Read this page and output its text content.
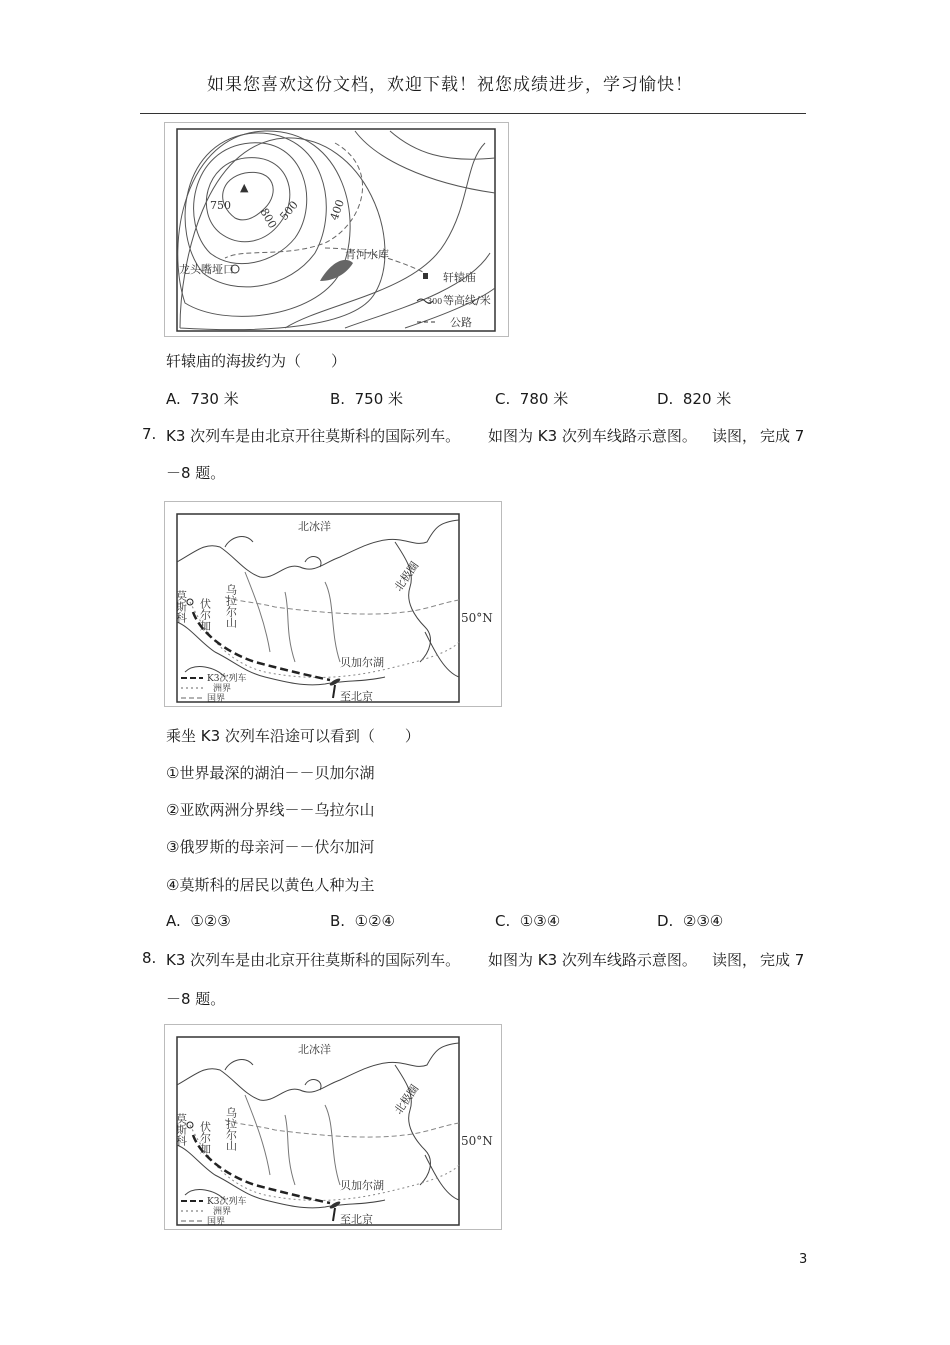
如果您喜欢这份文档，欢迎下载！祝您成绩进步，学习愉快！
▲
750
800
500 400
龙头嘴垭口
青河水库
轩辕庙
300 等高线/米
公路
轩辕庙的海拔约为（　　）
A. 730 米	B. 750 米	C. 780 米	D. 820 米
7. K3 次列车是由北京开往莫斯科的国际列车。 如图为 K3 次列车线路示意图。 读图， 完成 7
－8 题。
北冰洋
莫斯科 伏尔加 乌拉尔山
北极圈
50°N
贝加尔湖
至北京
K3次列车
洲界
国界
乘坐 K3 次列车沿途可以看到（　　）
①世界最深的湖泊－－贝加尔湖
②亚欧两洲分界线－－乌拉尔山
③俄罗斯的母亲河－－伏尔加河
④莫斯科的居民以黄色人种为主
A. ①②③	B. ①②④	C. ①③④	D. ②③④
8. K3 次列车是由北京开往莫斯科的国际列车。 如图为 K3 次列车线路示意图。 读图， 完成 7
－8 题。
北冰洋
莫斯科 伏尔加 乌拉尔山
北极圈
50°N
贝加尔湖
至北京
K3次列车
洲界
国界
3
